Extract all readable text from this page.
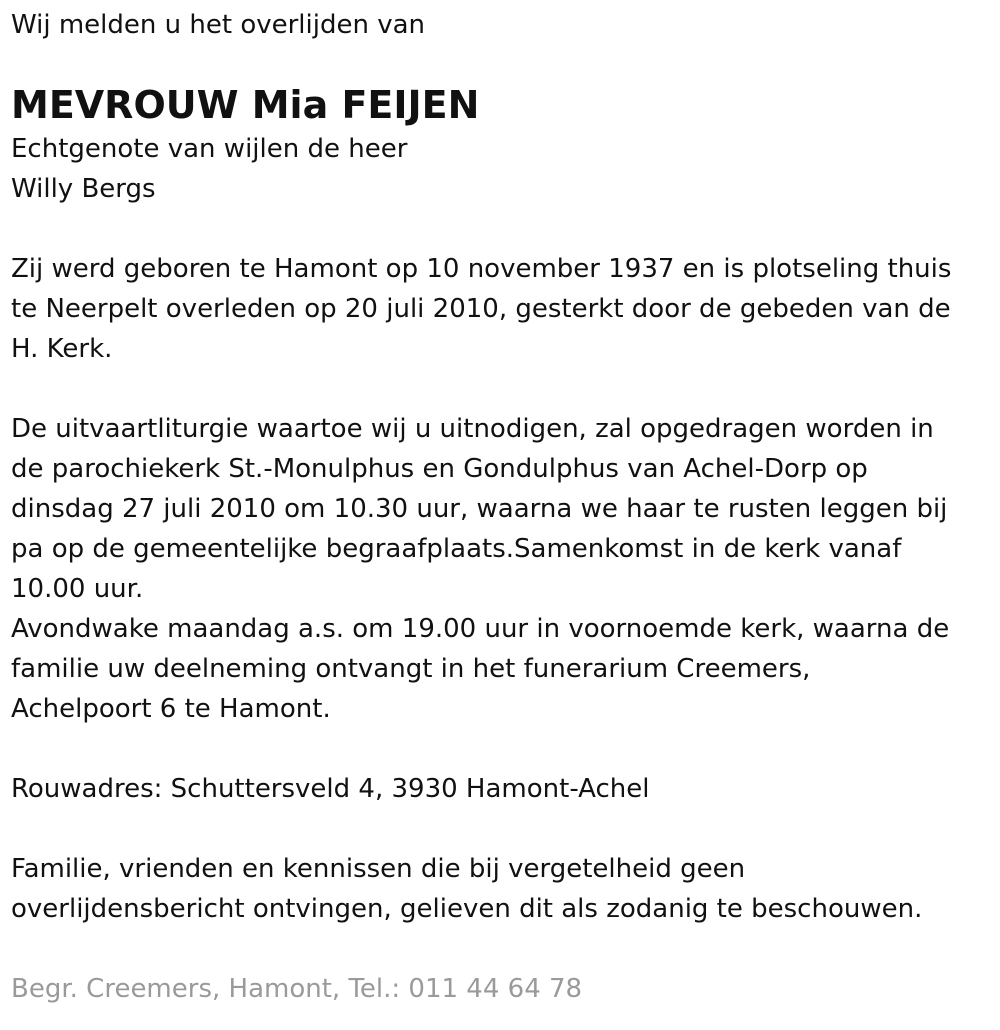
Wij melden u het overlijden van
MEVROUW Mia FEIJEN
Echtgenote van wijlen de heer
Willy Bergs
Zij werd geboren te Hamont op 10 november 1937 en is plotseling thuis
te Neerpelt overleden op 20 juli 2010, gesterkt door de gebeden van de
H. Kerk.
De uitvaartliturgie waartoe wij u uitnodigen, zal opgedragen worden in
de parochiekerk St.-Monulphus en Gondulphus van Achel-Dorp op
dinsdag 27 juli 2010 om 10.30 uur, waarna we haar te rusten leggen bij
pa op de gemeentelijke begraafplaats.Samenkomst in de kerk vanaf
10.00 uur.
Avondwake maandag a.s. om 19.00 uur in voornoemde kerk, waarna de
familie uw deelneming ontvangt in het funerarium Creemers,
Achelpoort 6 te Hamont.
Rouwadres: Schuttersveld 4, 3930 Hamont-Achel
Familie, vrienden en kennissen die bij vergetelheid geen
overlijdensbericht ontvingen, gelieven dit als zodanig te beschouwen.
Begr. Creemers, Hamont, Tel.: 011 44 64 78
